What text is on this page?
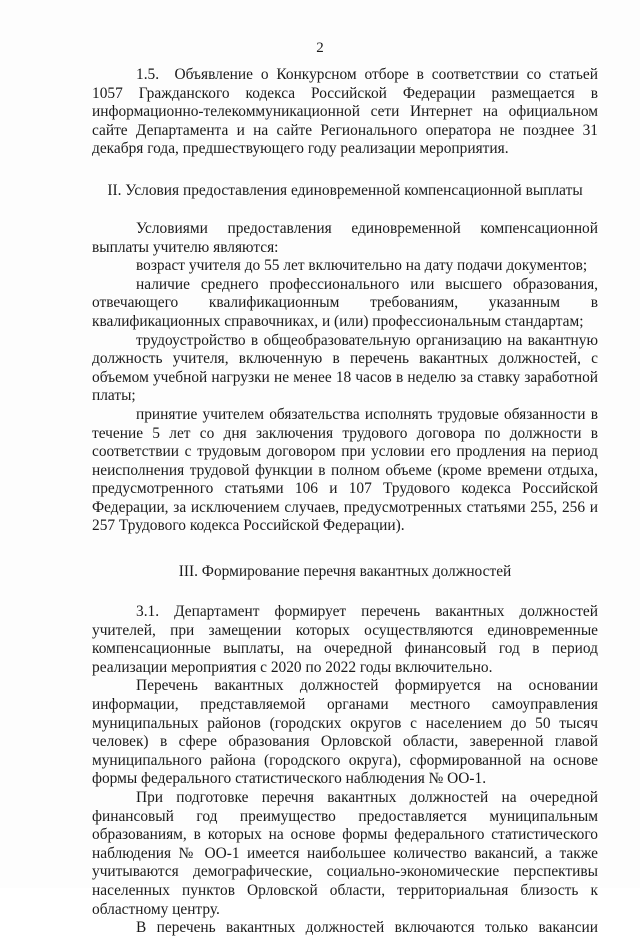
2

1.5.  Объявление о Конкурсном отборе в соответствии со статьей 1057 Гражданского кодекса Российской Федерации размещается в информационно-телекоммуникационной сети Интернет на официальном сайте Департамента и на сайте Регионального оператора не позднее 31 декабря года, предшествующего году реализации мероприятия.

II. Условия предоставления единовременной компенсационной выплаты

Условиями предоставления единовременной компенсационной выплаты учителю являются:

возраст учителя до 55 лет включительно на дату подачи документов;

наличие среднего профессионального или высшего образования, отвечающего квалификационным требованиям, указанным в квалификационных справочниках, и (или) профессиональным стандартам;

трудоустройство в общеобразовательную организацию на вакантную должность учителя, включенную в перечень вакантных должностей, с объемом учебной нагрузки не менее 18 часов в неделю за ставку заработной платы;

принятие учителем обязательства исполнять трудовые обязанности в течение 5 лет со дня заключения трудового договора по должности в соответствии с трудовым договором при условии его продления на период неисполнения трудовой функции в полном объеме (кроме времени отдыха, предусмотренного статьями 106 и 107 Трудового кодекса Российской Федерации, за исключением случаев, предусмотренных статьями 255, 256 и 257 Трудового кодекса Российской Федерации).

III. Формирование перечня вакантных должностей

3.1. Департамент формирует перечень вакантных должностей учителей, при замещении которых осуществляются единовременные компенсационные выплаты, на очередной финансовый год в период реализации мероприятия с 2020 по 2022 годы включительно.

Перечень вакантных должностей формируется на основании информации, представляемой органами местного самоуправления муниципальных районов (городских округов с населением до 50 тысяч человек) в сфере образования Орловской области, заверенной главой муниципального района (городского округа), сформированной на основе формы федерального статистического наблюдения № ОО-1.

При подготовке перечня вакантных должностей на очередной финансовый год преимущество предоставляется муниципальным образованиям, в которых на основе формы федерального статистического наблюдения № ОО-1 имеется наибольшее количество вакансий, а также учитываются демографические, социально-экономические перспективы населенных пунктов Орловской области, территориальная близость к областному центру.

В перечень вакантных должностей включаются только вакансии
